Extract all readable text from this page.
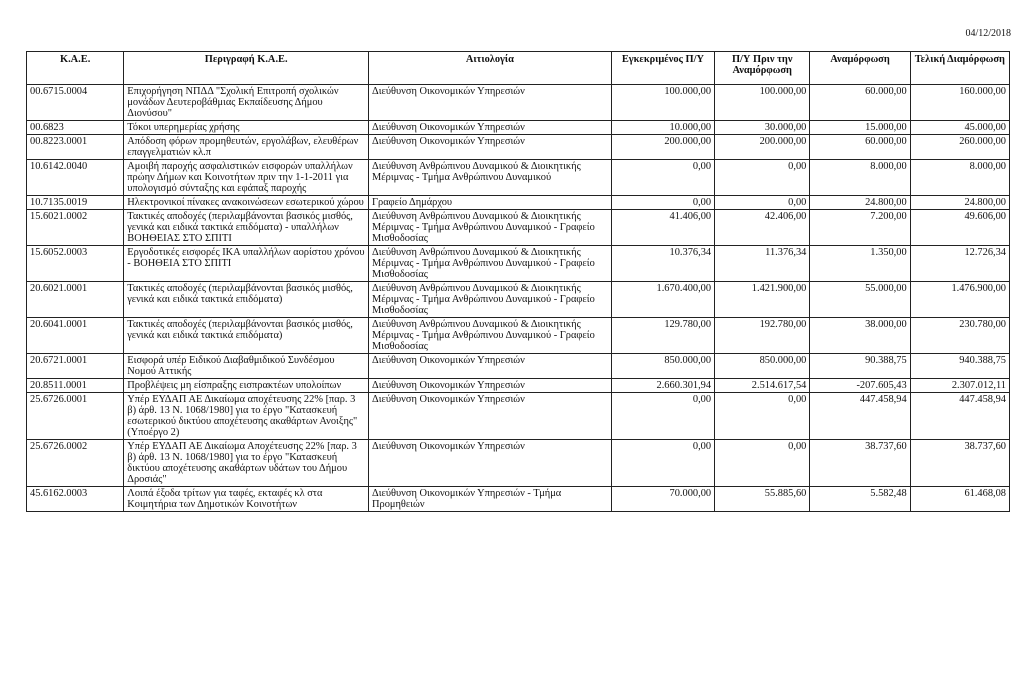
04/12/2018
Κ.Α.Ε.	Περιγραφή Κ.Α.Ε.	Αιτιολογία	Εγκεκριμένος Π/Υ	Π/Υ Πριν την Αναμόρφωση	Αναμόρφωση	Τελική Διαμόρφωση
00.6715.0004	Επιχορήγηση ΝΠΔΔ "Σχολική Επιτροπή σχολικών μονάδων Δευτεροβάθμιας Εκπαίδευσης Δήμου Διονύσου"	Διεύθυνση Οικονομικών Υπηρεσιών	100.000,00	100.000,00	60.000,00	160.000,00
00.6823	Τόκοι υπερημερίας χρήσης	Διεύθυνση Οικονομικών Υπηρεσιών	10.000,00	30.000,00	15.000,00	45.000,00
00.8223.0001	Απόδοση φόρων προμηθευτών, εργολάβων, ελευθέρων επαγγελματιών κλ.π	Διεύθυνση Οικονομικών Υπηρεσιών	200.000,00	200.000,00	60.000,00	260.000,00
10.6142.0040	Αμοιβή παροχής ασφαλιστικών εισφορών υπαλλήλων πρώην Δήμων και Κοινοτήτων πριν την 1-1-2011 για υπολογισμό σύνταξης και εφάπαξ παροχής	Διεύθυνση Ανθρώπινου Δυναμικού & Διοικητικής Μέριμνας - Τμήμα Ανθρώπινου Δυναμικού	0,00	0,00	8.000,00	8.000,00
10.7135.0019	Ηλεκτρονικοί πίνακες ανακοινώσεων εσωτερικού χώρου	Γραφείο Δημάρχου	0,00	0,00	24.800,00	24.800,00
15.6021.0002	Τακτικές αποδοχές (περιλαμβάνονται βασικός μισθός, γενικά και ειδικά τακτικά επιδόματα) - υπαλλήλων ΒΟΗΘΕΙΑΣ ΣΤΟ ΣΠΙΤΙ	Διεύθυνση Ανθρώπινου Δυναμικού & Διοικητικής Μέριμνας - Τμήμα Ανθρώπινου Δυναμικού - Γραφείο Μισθοδοσίας	41.406,00	42.406,00	7.200,00	49.606,00
15.6052.0003	Εργοδοτικές εισφορές ΙΚΑ υπαλλήλων αορίστου χρόνου - ΒΟΗΘΕΙΑ ΣΤΟ ΣΠΙΤΙ	Διεύθυνση Ανθρώπινου Δυναμικού & Διοικητικής Μέριμνας - Τμήμα Ανθρώπινου Δυναμικού - Γραφείο Μισθοδοσίας	10.376,34	11.376,34	1.350,00	12.726,34
20.6021.0001	Τακτικές αποδοχές (περιλαμβάνονται βασικός μισθός, γενικά και ειδικά τακτικά επιδόματα)	Διεύθυνση Ανθρώπινου Δυναμικού & Διοικητικής Μέριμνας - Τμήμα Ανθρώπινου Δυναμικού - Γραφείο Μισθοδοσίας	1.670.400,00	1.421.900,00	55.000,00	1.476.900,00
20.6041.0001	Τακτικές αποδοχές (περιλαμβάνονται βασικός μισθός, γενικά και ειδικά τακτικά επιδόματα)	Διεύθυνση Ανθρώπινου Δυναμικού & Διοικητικής Μέριμνας - Τμήμα Ανθρώπινου Δυναμικού - Γραφείο Μισθοδοσίας	129.780,00	192.780,00	38.000,00	230.780,00
20.6721.0001	Εισφορά υπέρ Ειδικού Διαβαθμιδικού Συνδέσμου Νομού Αττικής	Διεύθυνση Οικονομικών Υπηρεσιών	850.000,00	850.000,00	90.388,75	940.388,75
20.8511.0001	Προβλέψεις μη είσπραξης εισπρακτέων υπολοίπων	Διεύθυνση Οικονομικών Υπηρεσιών	2.660.301,94	2.514.617,54	-207.605,43	2.307.012,11
25.6726.0001	Υπέρ ΕΥΔΑΠ ΑΕ Δικαίωμα αποχέτευσης 22% [παρ. 3 β) άρθ. 13 Ν. 1068/1980] για το έργο "Κατασκευή εσωτερικού δικτύου αποχέτευσης ακαθάρτων Ανοιξης" (Υποέργο 2)	Διεύθυνση Οικονομικών Υπηρεσιών	0,00	0,00	447.458,94	447.458,94
25.6726.0002	Υπέρ ΕΥΔΑΠ ΑΕ Δικαίωμα Αποχέτευσης 22% [παρ. 3 β) άρθ. 13 Ν. 1068/1980] για το έργο "Κατασκευή δικτύου αποχέτευσης ακαθάρτων υδάτων του Δήμου Δροσιάς"	Διεύθυνση Οικονομικών Υπηρεσιών	0,00	0,00	38.737,60	38.737,60
45.6162.0003	Λοιπά έξοδα τρίτων για ταφές, εκταφές κλ στα Κοιμητήρια των Δημοτικών Κοινοτήτων	Διεύθυνση Οικονομικών Υπηρεσιών - Τμήμα Προμηθειών	70.000,00	55.885,60	5.582,48	61.468,08
